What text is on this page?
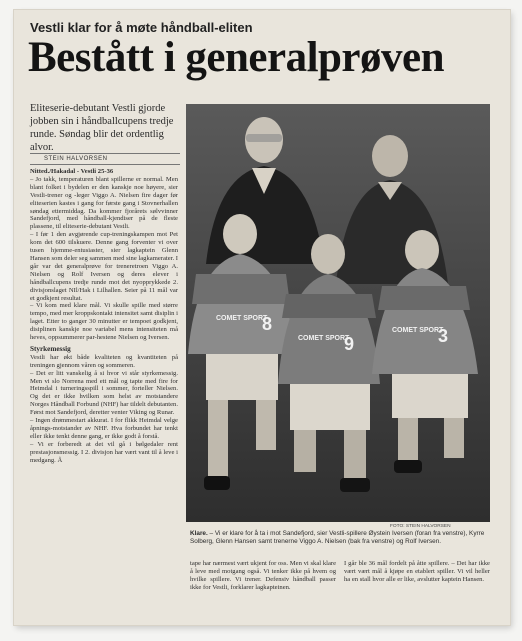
Vestli klar for å møte håndball-eliten
Bestått i generalprøven
Eliteserie-debutant Vestli gjorde jobben sin i håndballcupens tredje runde. Søndag blir det ordentlig alvor.
STEIN HALVORSEN

Nitted./Hakadal - Vestli 25-36

– Jo takk, temperaturen blant spillerne er normal. Men blant folket i bydelen er den kanskje noe høyere, sier Vestli-trener og -leger Viggo A. Nielsen fire dager før eliteserien kastes i gang for første gang i Stovnerhallen søndag ettermiddag. Da kommer fjorårets sølvvinner Sandefjord, med håndball-kjendiser på de fleste plassene, til eliteserie-debutant Vestli.

– I før 1 den avgjørende cup-treningskampen mot Pet kom det 600 tilskuere. Denne gang forventer vi over tusen hjemme-entusiaster, sier lagkaptein Glenn Hansen som deler seg sammen med sine lagkamerater. I går var det generalprøve for treneretroen Viggo A. Nielsen og Rolf Iversen og deres elever i håndballcupens tredje runde mot det nyopprykkede 2. divisjonslaget NIl/Hak i Lilhallen. Seier på 11 mål var et godkjent resultat.

– Vi kom med klare mål. Vi skulle spille med større tempo, med mer kroppskontakt intensitet samt disiplin i laget. Etter to ganger 30 minutter er tempoet godkjent, disiplinen kanskje noe variabel mens intensiteten må heves, oppsummerer par-hestene Nielsen og Iversen.

Styrkemessig

Vestli har økt både kvaliteten og kvantiteten på treningen gjennom våren og sommeren.

– Det er litt vanskelig å si hvor vi står styrkemessig. Men vi slo Norrena med ett mål og tapte med fire for Heimdal i turneringsspill i sommer, forteller Nielsen. Og det er ikke hvilken som helst av motstandere Norges Håndball Forbund (NHF) har tildelt debutanten. Først mot Sandefjord, deretter venter Viking og Runar.

– Ingen drømmestart akkurat. I for flikk Heimdal velge åpnings-motstander av NHF. Hva forbundet har tenkt eller ikke tenkt denne gang, er ikke godt å forstå.

– Vi er forberedt at det vil gå i bølgedaler rent prestasjonsmessig. I 2. divisjon har vært vant til å leve i medgang. Å

8
COMET SPORT
9
COMET SPORT	3
COMET SPORT
FOTO: STEIN HALVORSEN
Klare. – Vi er klare for å ta i mot Sandefjord, sier Vestli-spillere Øystein Iversen (foran fra venstre), Kyrre Solberg, Glenn Hansen samt trenerne Viggo A. Nielsen (bak fra venstre) og Rolf Iversen.

tape har nærmest vært ukjent for oss. Men vi skal klare å leve med motgang også. Vi tenker ikke på hvem og hvilke spillere. Vi trener. Defensiv håndball passer ikke for Vestli, forklarer lagkapteinen.

I går ble 36 mål fordelt på åtte spillere. – Det har ikke vært vært mål å kjøpe en etablert spiller. Vi vil heller ha en stall hvor alle er like, avslutter kaptein Hansen.
